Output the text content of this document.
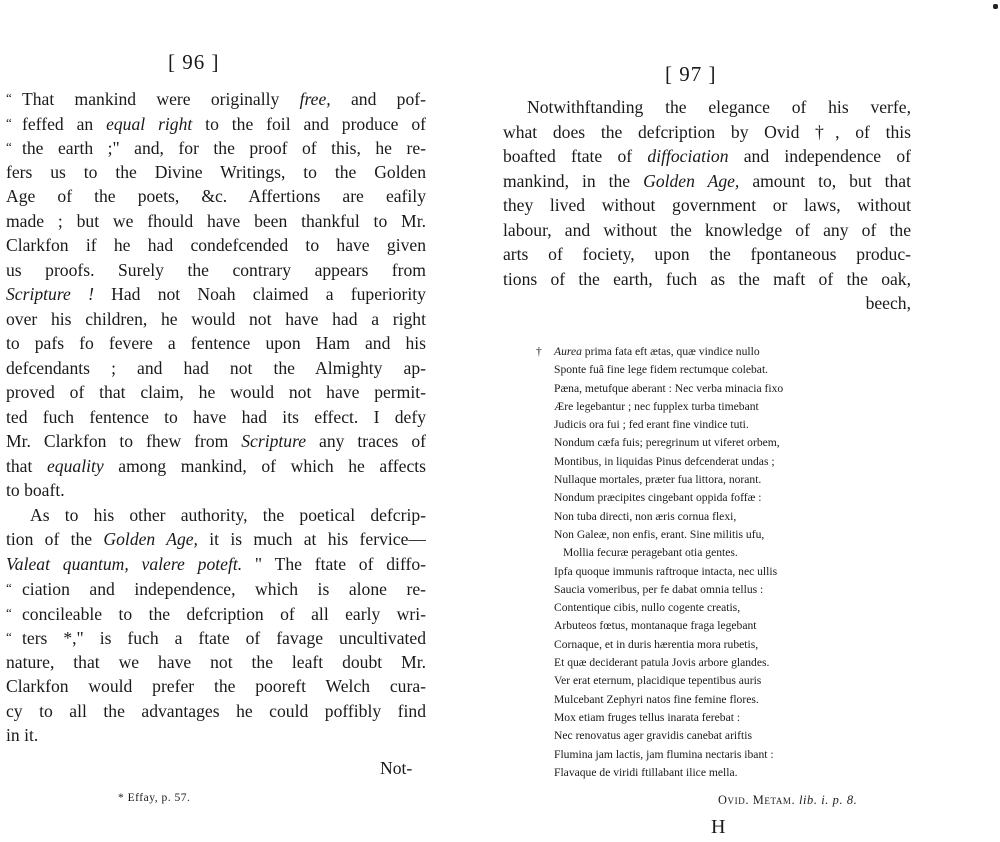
[ 96 ]
“ That mankind were originally free, and pof-
“ feffed an equal right to the foil and produce of
“ the earth ;" and, for the proof of this, he re-
fers us to the Divine Writings, to the Golden
Age of the poets, &c. Affertions are eafily
made ; but we fhould have been thankful to Mr.
Clarkfon if he had condefcended to have given
us proofs. Surely the contrary appears from
Scripture ! Had not Noah claimed a fuperiority
over his children, he would not have had a right
to pafs fo fevere a fentence upon Ham and his
defcendants ; and had not the Almighty ap-
proved of that claim, he would not have permit-
ted fuch fentence to have had its effect. I defy
Mr. Clarkfon to fhew from Scripture any traces of
that equality among mankind, of which he affects
to boaft.
As to his other authority, the poetical defcrip-
tion of the Golden Age, it is much at his fervice—
Valeat quantum, valere poteft. " The ftate of diffo-
“ ciation and independence, which is alone re-
“ concileable to the defcription of all early wri-
“ ters *," is fuch a ftate of favage uncultivated
nature, that we have not the leaft doubt Mr.
Clarkfon would prefer the pooreft Welch cura-
cy to all the advantages he could poffibly find
in it.
Not-
* Effay, p. 57.
[ 97 ]
Notwithftanding the elegance of his verfe,
what does the defcription by Ovid †, of this
boafted ftate of diffociation and independence of
mankind, in the Golden Age, amount to, but that
they lived without government or laws, without
labour, and without the knowledge of any of the
arts of fociety, upon the fpontaneous produc-
tions of the earth, fuch as the maft of the oak,
beech,
† Aurea prima fata eft ætas, quæ vindice nullo
Sponte fuâ fine lege fidem rectumque colebat.
Pæna, metufque aberant : Nec verba minacia fixo
Ære legebantur ; nec fupplex turba timebant
Judicis ora fui ; fed erant fine vindice tuti.
Nondum cæfa fuis; peregrinum ut viferet orbem,
Montibus, in liquidas Pinus defcenderat undas ;
Nullaque mortales, præter fua littora, norant.
Nondum præcipites cingebant oppida foffæ :
Non tuba directi, non æris cornua flexi,
Non Galeæ, non enfis, erant. Sine militis ufu,
Mollia fecuræ peragebant otia gentes.
Ipfa quoque immunis raftroque intacta, nec ullis
Saucia vomeribus, per fe dabat omnia tellus :
Contentique cibis, nullo cogente creatis,
Arbuteos fœtus, montanaque fraga legebant
Cornaque, et in duris hærentia mora rubetis,
Et quæ deciderant patula Jovis arbore glandes.
Ver erat eternum, placidique tepentibus auris
Mulcebant Zephyri natos fine femine flores.
Mox etiam fruges tellus inarata ferebat :
Nec renovatus ager gravidis canebat ariftis
Flumina jam lactis, jam flumina nectaris ibant :
Flavaque de viridi ftillabant ilice mella.
Ovid. Metam. lib. i. p. 8.
H
